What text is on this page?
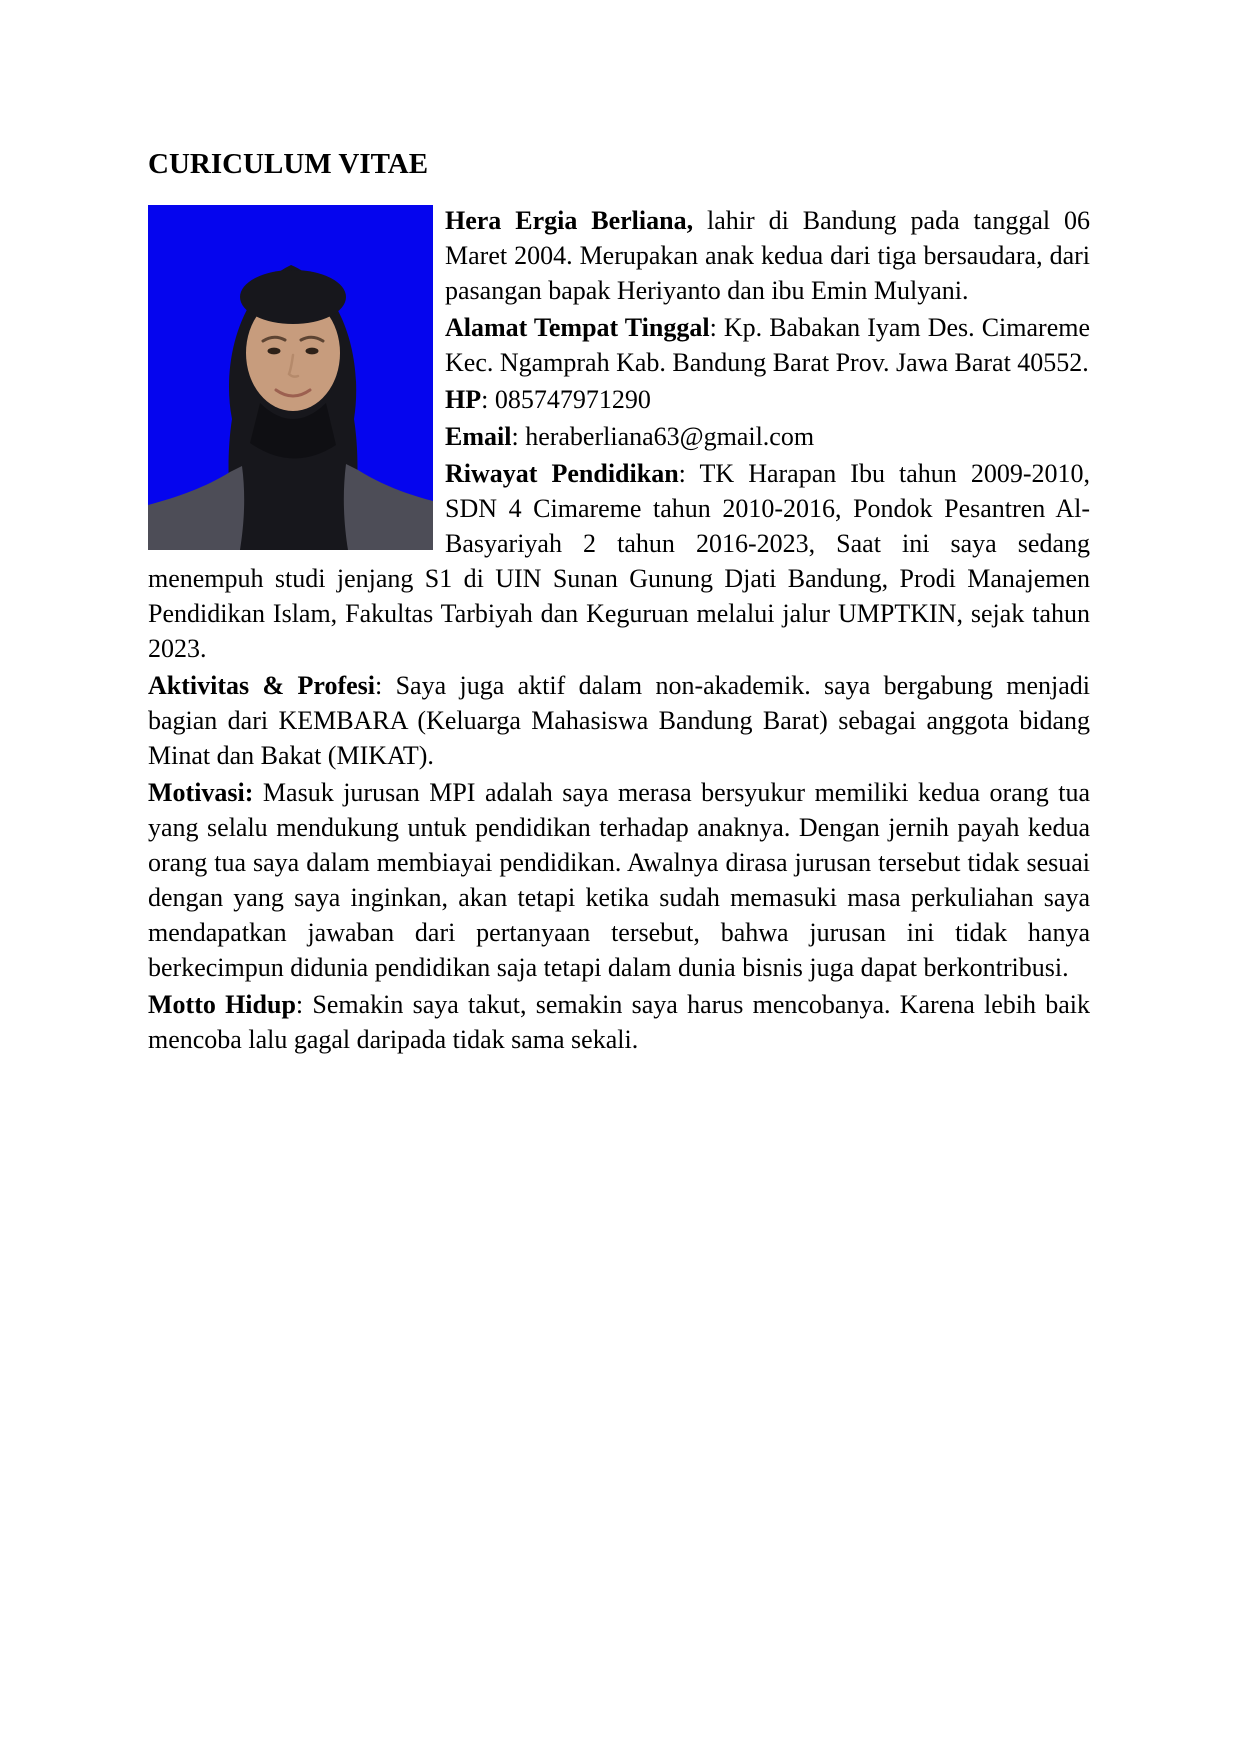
CURICULUM VITAE

Hera Ergia Berliana, lahir di Bandung pada tanggal 06 Maret 2004. Merupakan anak kedua dari tiga bersaudara, dari pasangan bapak Heriyanto dan ibu Emin Mulyani.

Alamat Tempat Tinggal: Kp. Babakan Iyam Des. Cimareme Kec. Ngamprah Kab. Bandung Barat Prov. Jawa Barat 40552.

HP: 085747971290

Email: heraberliana63@gmail.com

Riwayat Pendidikan: TK Harapan Ibu tahun 2009-2010, SDN 4 Cimareme tahun 2010-2016, Pondok Pesantren Al-Basyariyah 2 tahun 2016-2023, Saat ini saya sedang menempuh studi jenjang S1 di UIN Sunan Gunung Djati Bandung, Prodi Manajemen Pendidikan Islam, Fakultas Tarbiyah dan Keguruan melalui jalur UMPTKIN, sejak tahun 2023.

Aktivitas & Profesi: Saya juga aktif dalam non-akademik. saya bergabung menjadi bagian dari KEMBARA (Keluarga Mahasiswa Bandung Barat) sebagai anggota bidang Minat dan Bakat (MIKAT).

Motivasi: Masuk jurusan MPI adalah saya merasa bersyukur memiliki kedua orang tua yang selalu mendukung untuk pendidikan terhadap anaknya. Dengan jernih payah kedua orang tua saya dalam membiayai pendidikan. Awalnya dirasa jurusan tersebut tidak sesuai dengan yang saya inginkan, akan tetapi ketika sudah memasuki masa perkuliahan saya mendapatkan jawaban dari pertanyaan tersebut, bahwa jurusan ini tidak hanya berkecimpun didunia pendidikan saja tetapi dalam dunia bisnis juga dapat berkontribusi.

Motto Hidup: Semakin saya takut, semakin saya harus mencobanya. Karena lebih baik mencoba lalu gagal daripada tidak sama sekali.
